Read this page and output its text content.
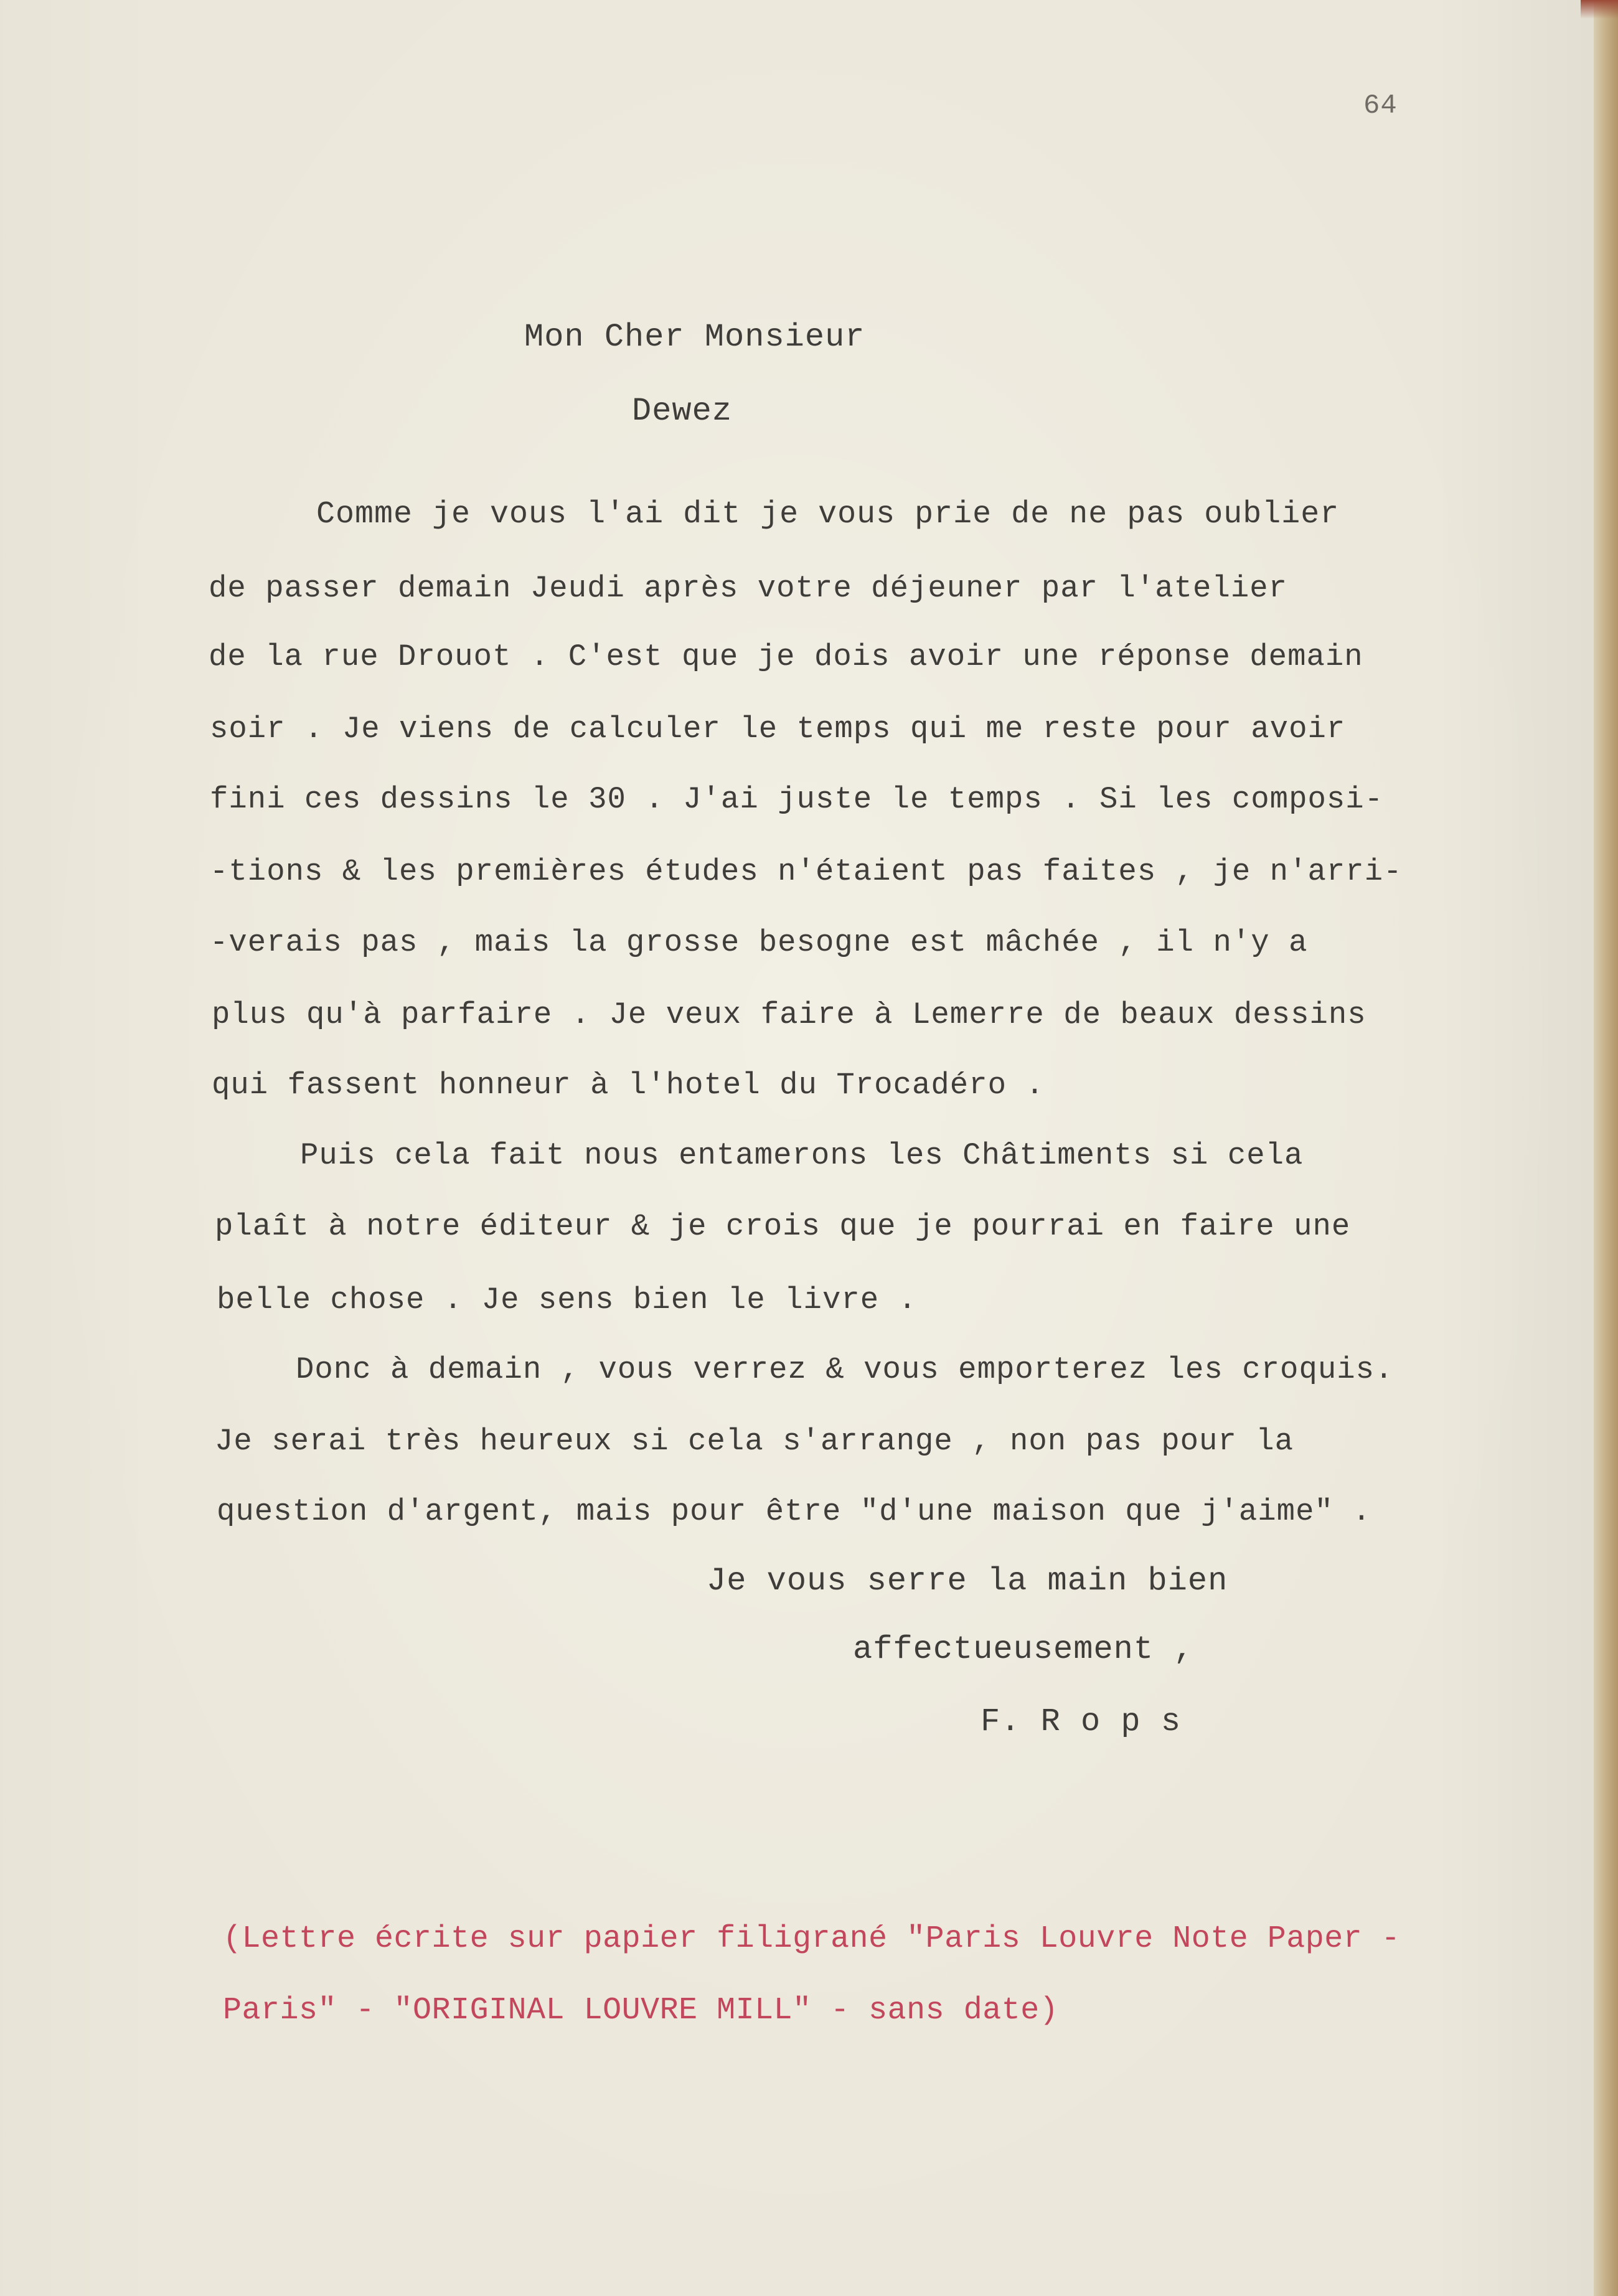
64
Mon Cher Monsieur
Dewez
Comme je vous l'ai dit je vous prie de ne pas oublier
de passer demain Jeudi après votre déjeuner par l'atelier
de la rue Drouot . C'est que je dois avoir une réponse demain
soir . Je viens de calculer le temps qui me reste pour avoir
fini ces dessins le 30 . J'ai juste le temps . Si les composi-
-tions & les premières études n'étaient pas faites , je n'arri-
-verais pas , mais la grosse besogne est mâchée , il n'y a
plus qu'à parfaire . Je veux faire à Lemerre de beaux dessins
qui fassent honneur à l'hotel du Trocadéro .
Puis cela fait nous entamerons les Châtiments si cela
plaît à notre éditeur & je crois que je pourrai en faire une
belle chose . Je sens bien le livre .
Donc à demain , vous verrez & vous emporterez les croquis.
Je serai très heureux si cela s'arrange , non pas pour la
question d'argent, mais pour être "d'une maison que j'aime" .
Je vous serre la main bien
affectueusement ,
F. R o p s
(Lettre écrite sur papier filigrané "Paris Louvre Note Paper -
Paris" - "ORIGINAL LOUVRE MILL" - sans date)
